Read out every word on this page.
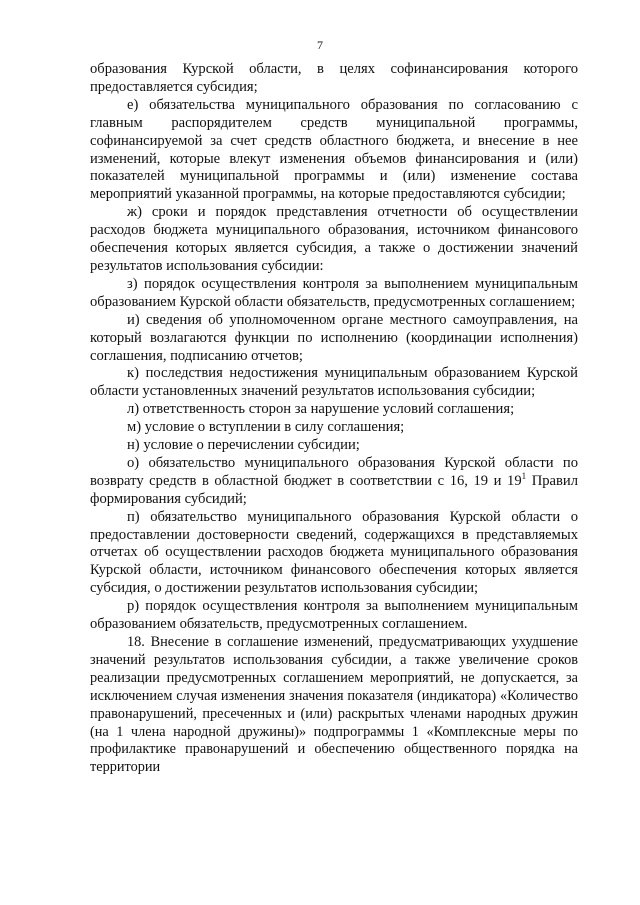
7

образования Курской области, в целях софинансирования которого предоставляется субсидия;

е) обязательства муниципального образования по согласованию с главным распорядителем средств муниципальной программы, софинансируемой за счет средств областного бюджета, и внесение в нее изменений, которые влекут изменения объемов финансирования и (или) показателей муниципальной программы и (или) изменение состава мероприятий указанной программы, на которые предоставляются субсидии;

ж) сроки и порядок представления отчетности об осуществлении расходов бюджета муниципального образования, источником финансового обеспечения которых является субсидия, а также о достижении значений результатов использования субсидии:

з) порядок осуществления контроля за выполнением муниципальным образованием Курской области обязательств, предусмотренных соглашением;

и) сведения об уполномоченном органе местного самоуправления, на который возлагаются функции по исполнению (координации исполнения) соглашения, подписанию отчетов;

к) последствия недостижения муниципальным образованием Курской области установленных значений результатов использования субсидии;

л) ответственность сторон за нарушение условий соглашения;

м) условие о вступлении в силу соглашения;

н) условие о перечислении субсидии;

о) обязательство муниципального образования Курской области по возврату средств в областной бюджет в соответствии с 16, 19 и $19^1$ Правил формирования субсидий;

п) обязательство муниципального образования Курской области о предоставлении достоверности сведений, содержащихся в представляемых отчетах об осуществлении расходов бюджета муниципального образования Курской области, источником финансового обеспечения которых является субсидия, о достижении результатов использования субсидии;

р) порядок осуществления контроля за выполнением муниципальным образованием обязательств, предусмотренных соглашением.

18. Внесение в соглашение изменений, предусматривающих ухудшение значений результатов использования субсидии, а также увеличение сроков реализации предусмотренных соглашением мероприятий, не допускается, за исключением случая изменения значения показателя (индикатора) «Количество правонарушений, пресеченных и (или) раскрытых членами народных дружин (на 1 члена народной дружины)» подпрограммы 1 «Комплексные меры по профилактике правонарушений и обеспечению общественного порядка на территории
